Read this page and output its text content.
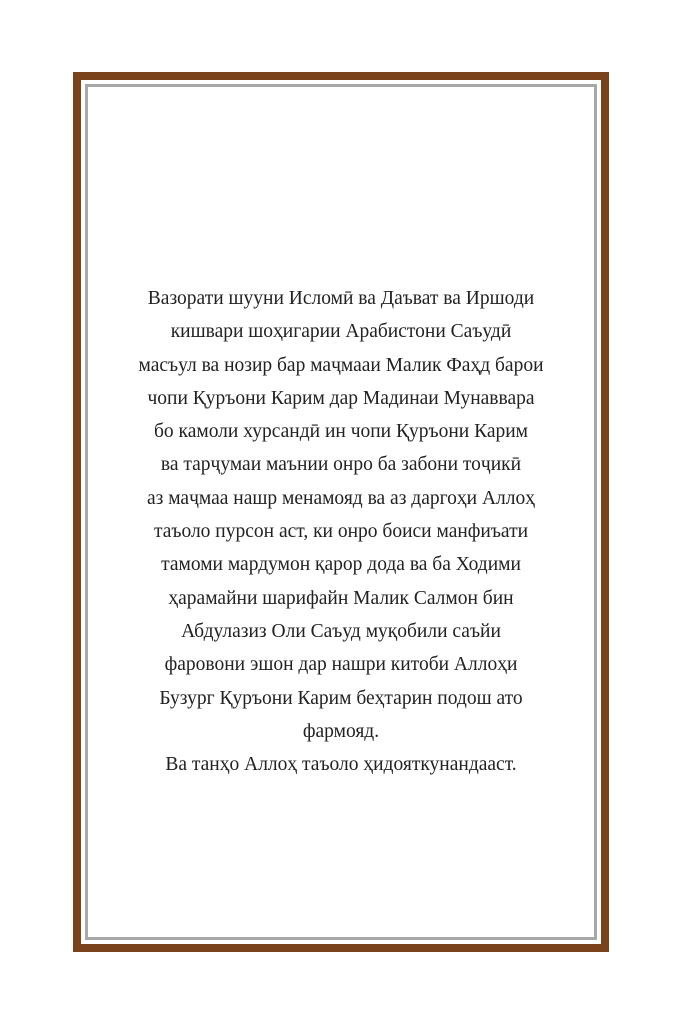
Вазорати шууни Исломӣ ва Даъват ва Иршоди
кишвари шоҳигарии Арабистони Саъудӣ
масъул ва нозир бар маҷмааи Малик Фаҳд барои
чопи Қуръони Карим дар Мадинаи Мунаввара
бо камоли хурсандӣ ин чопи Қуръони Карим
ва тарҷумаи маънии онро ба забони тоҷикӣ
аз маҷмаа нашр менамояд ва аз даргоҳи Аллоҳ
таъоло пурсон аст, ки онро боиси манфиъати
тамоми мардумон қарор дода ва ба Ходими
ҳарамайни шарифайн Малик Салмон бин
Абдулазиз Оли Саъуд муқобили саъйи
фаровони эшон дар нашри китоби Аллоҳи
Бузург Қуръони Карим беҳтарин подош ато
фармояд.
Ва танҳо Аллоҳ таъоло ҳидояткунандааст.
